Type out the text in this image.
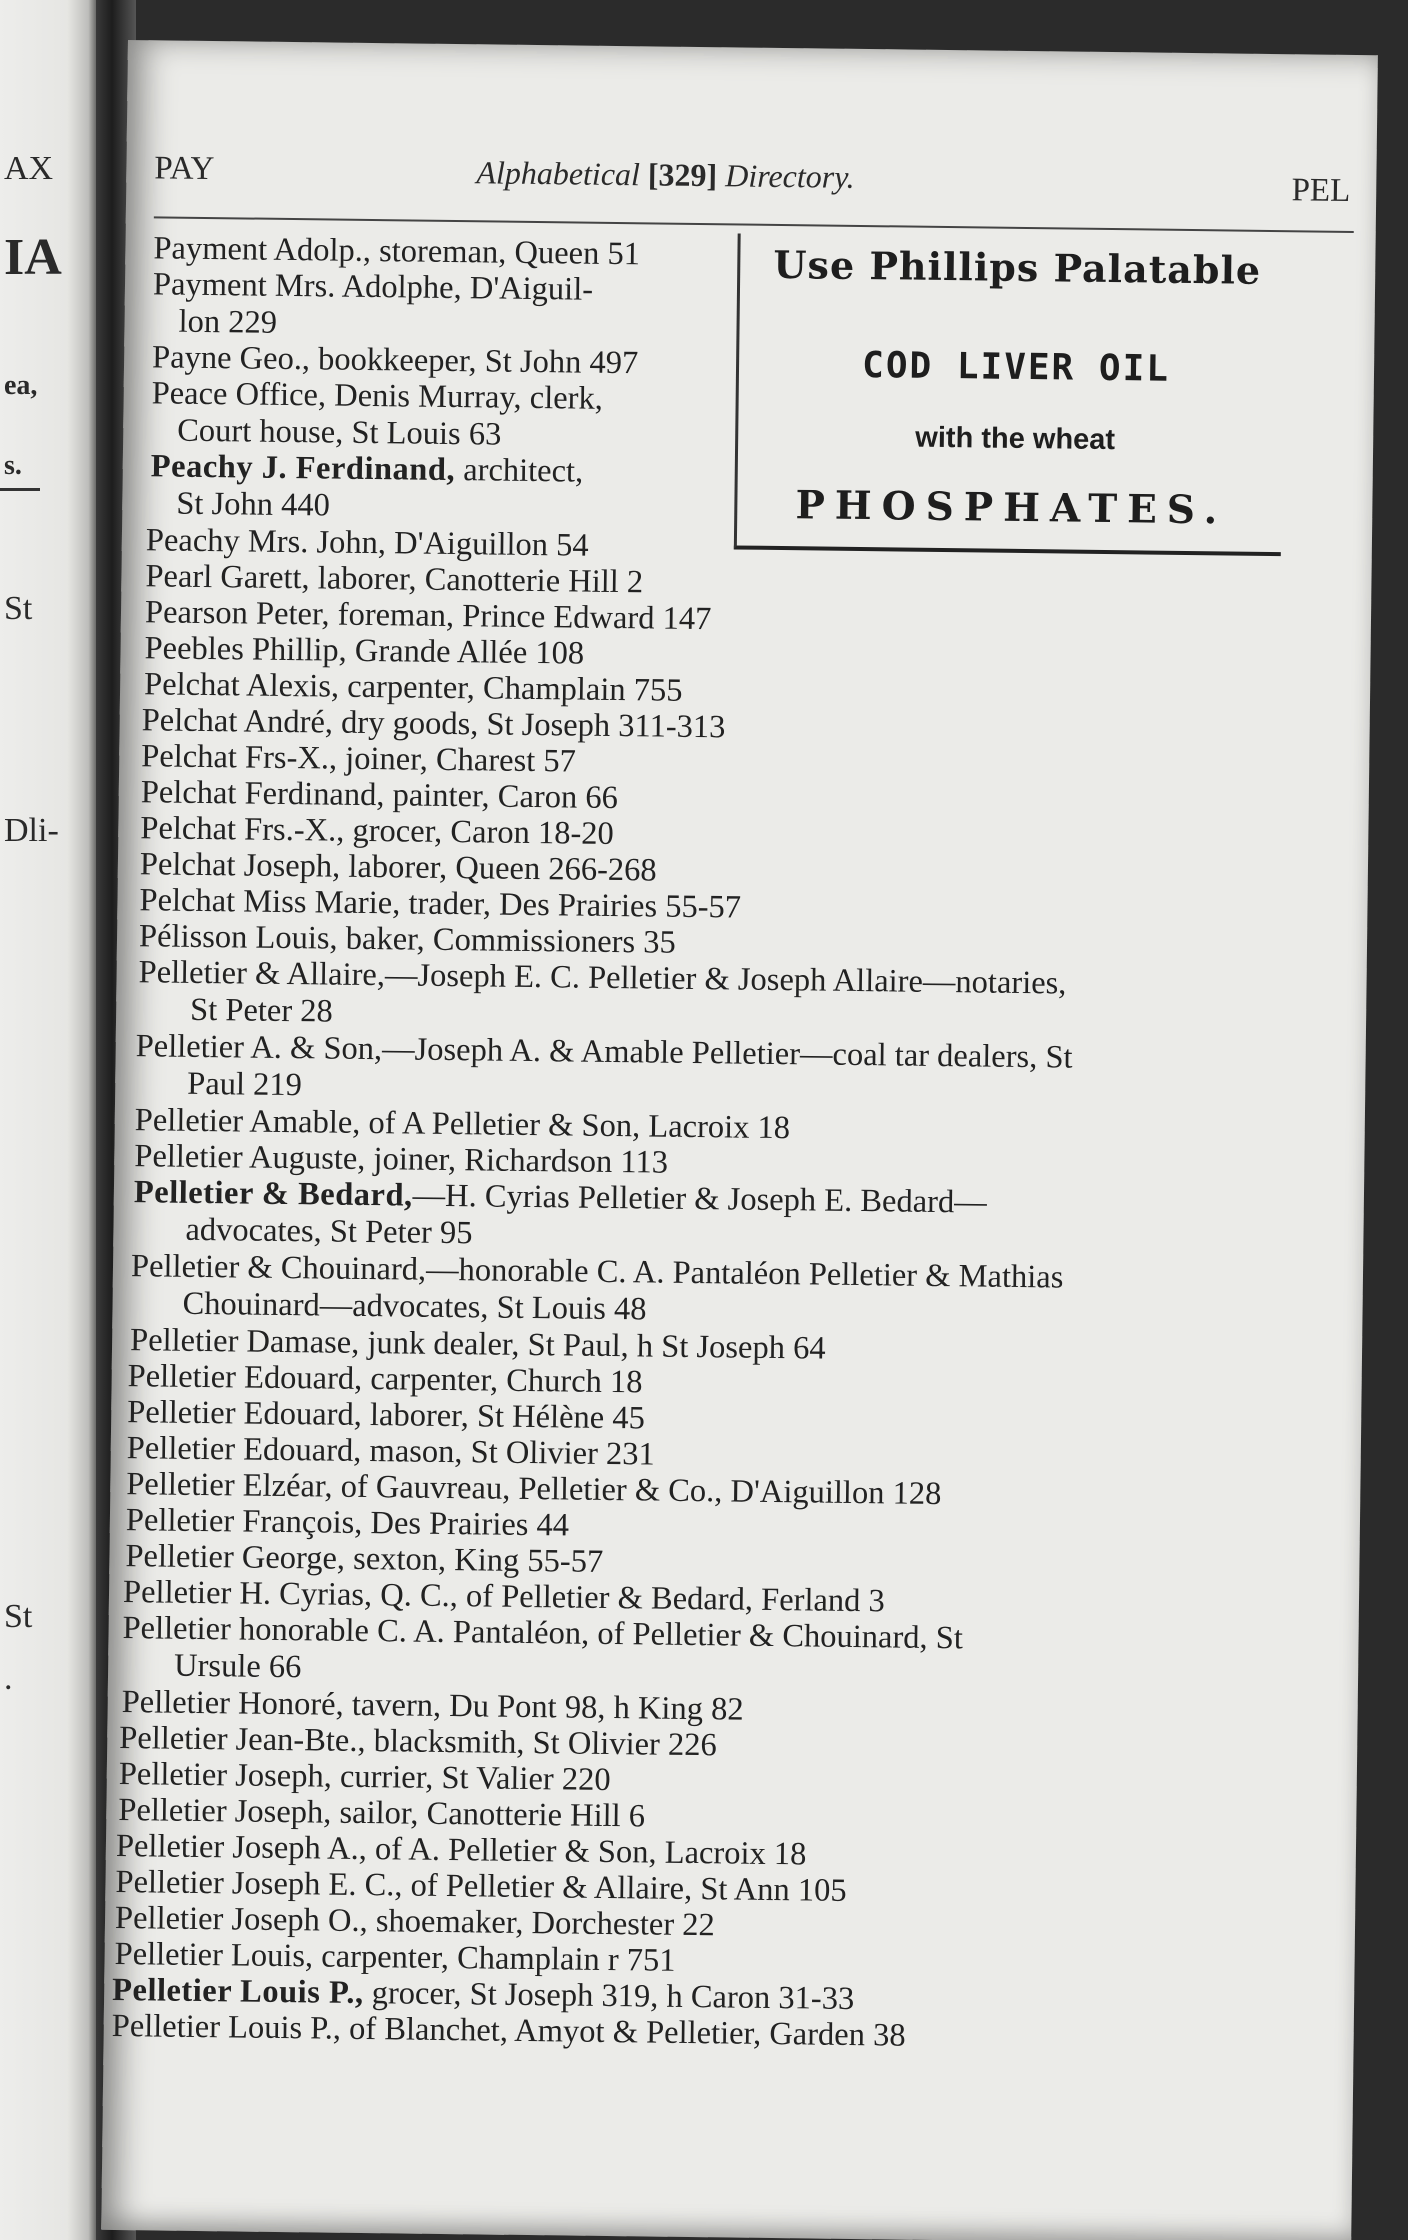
AX
IA
ea,
s.
St
Dli-
St
.
PAY	Alphabetical [329] Directory.	PEL
Use Phillips Palatable
COD LIVER OIL
with the wheat
PHOSPHATES.
Payment Adolp., storeman, Queen 51
Payment Mrs. Adolphe, D'Aiguil-
lon 229
Payne Geo., bookkeeper, St John 497
Peace Office, Denis Murray, clerk,
Court house, St Louis 63
Peachy J. Ferdinand, architect,
St John 440
Peachy Mrs. John, D'Aiguillon 54
Pearl Garett, laborer, Canotterie Hill 2
Pearson Peter, foreman, Prince Edward 147
Peebles Phillip, Grande Allée 108
Pelchat Alexis, carpenter, Champlain 755
Pelchat André, dry goods, St Joseph 311-313
Pelchat Frs-X., joiner, Charest 57
Pelchat Ferdinand, painter, Caron 66
Pelchat Frs.-X., grocer, Caron 18-20
Pelchat Joseph, laborer, Queen 266-268
Pelchat Miss Marie, trader, Des Prairies 55-57
Pélisson Louis, baker, Commissioners 35
Pelletier & Allaire,—Joseph E. C. Pelletier & Joseph Allaire—notaries,
St Peter 28
Pelletier A. & Son,—Joseph A. & Amable Pelletier—coal tar dealers, St
Paul 219
Pelletier Amable, of A Pelletier & Son, Lacroix 18
Pelletier Auguste, joiner, Richardson 113
Pelletier & Bedard,—H. Cyrias Pelletier & Joseph E. Bedard—
advocates, St Peter 95
Pelletier & Chouinard,—honorable C. A. Pantaléon Pelletier & Mathias
Chouinard—advocates, St Louis 48
Pelletier Damase, junk dealer, St Paul, h St Joseph 64
Pelletier Edouard, carpenter, Church 18
Pelletier Edouard, laborer, St Hélène 45
Pelletier Edouard, mason, St Olivier 231
Pelletier Elzéar, of Gauvreau, Pelletier & Co., D'Aiguillon 128
Pelletier François, Des Prairies 44
Pelletier George, sexton, King 55-57
Pelletier H. Cyrias, Q. C., of Pelletier & Bedard, Ferland 3
Pelletier honorable C. A. Pantaléon, of Pelletier & Chouinard, St
Ursule 66
Pelletier Honoré, tavern, Du Pont 98, h King 82
Pelletier Jean-Bte., blacksmith, St Olivier 226
Pelletier Joseph, currier, St Valier 220
Pelletier Joseph, sailor, Canotterie Hill 6
Pelletier Joseph A., of A. Pelletier & Son, Lacroix 18
Pelletier Joseph E. C., of Pelletier & Allaire, St Ann 105
Pelletier Joseph O., shoemaker, Dorchester 22
Pelletier Louis, carpenter, Champlain r 751
Pelletier Louis P., grocer, St Joseph 319, h Caron 31-33
Pelletier Louis P., of Blanchet, Amyot & Pelletier, Garden 38
